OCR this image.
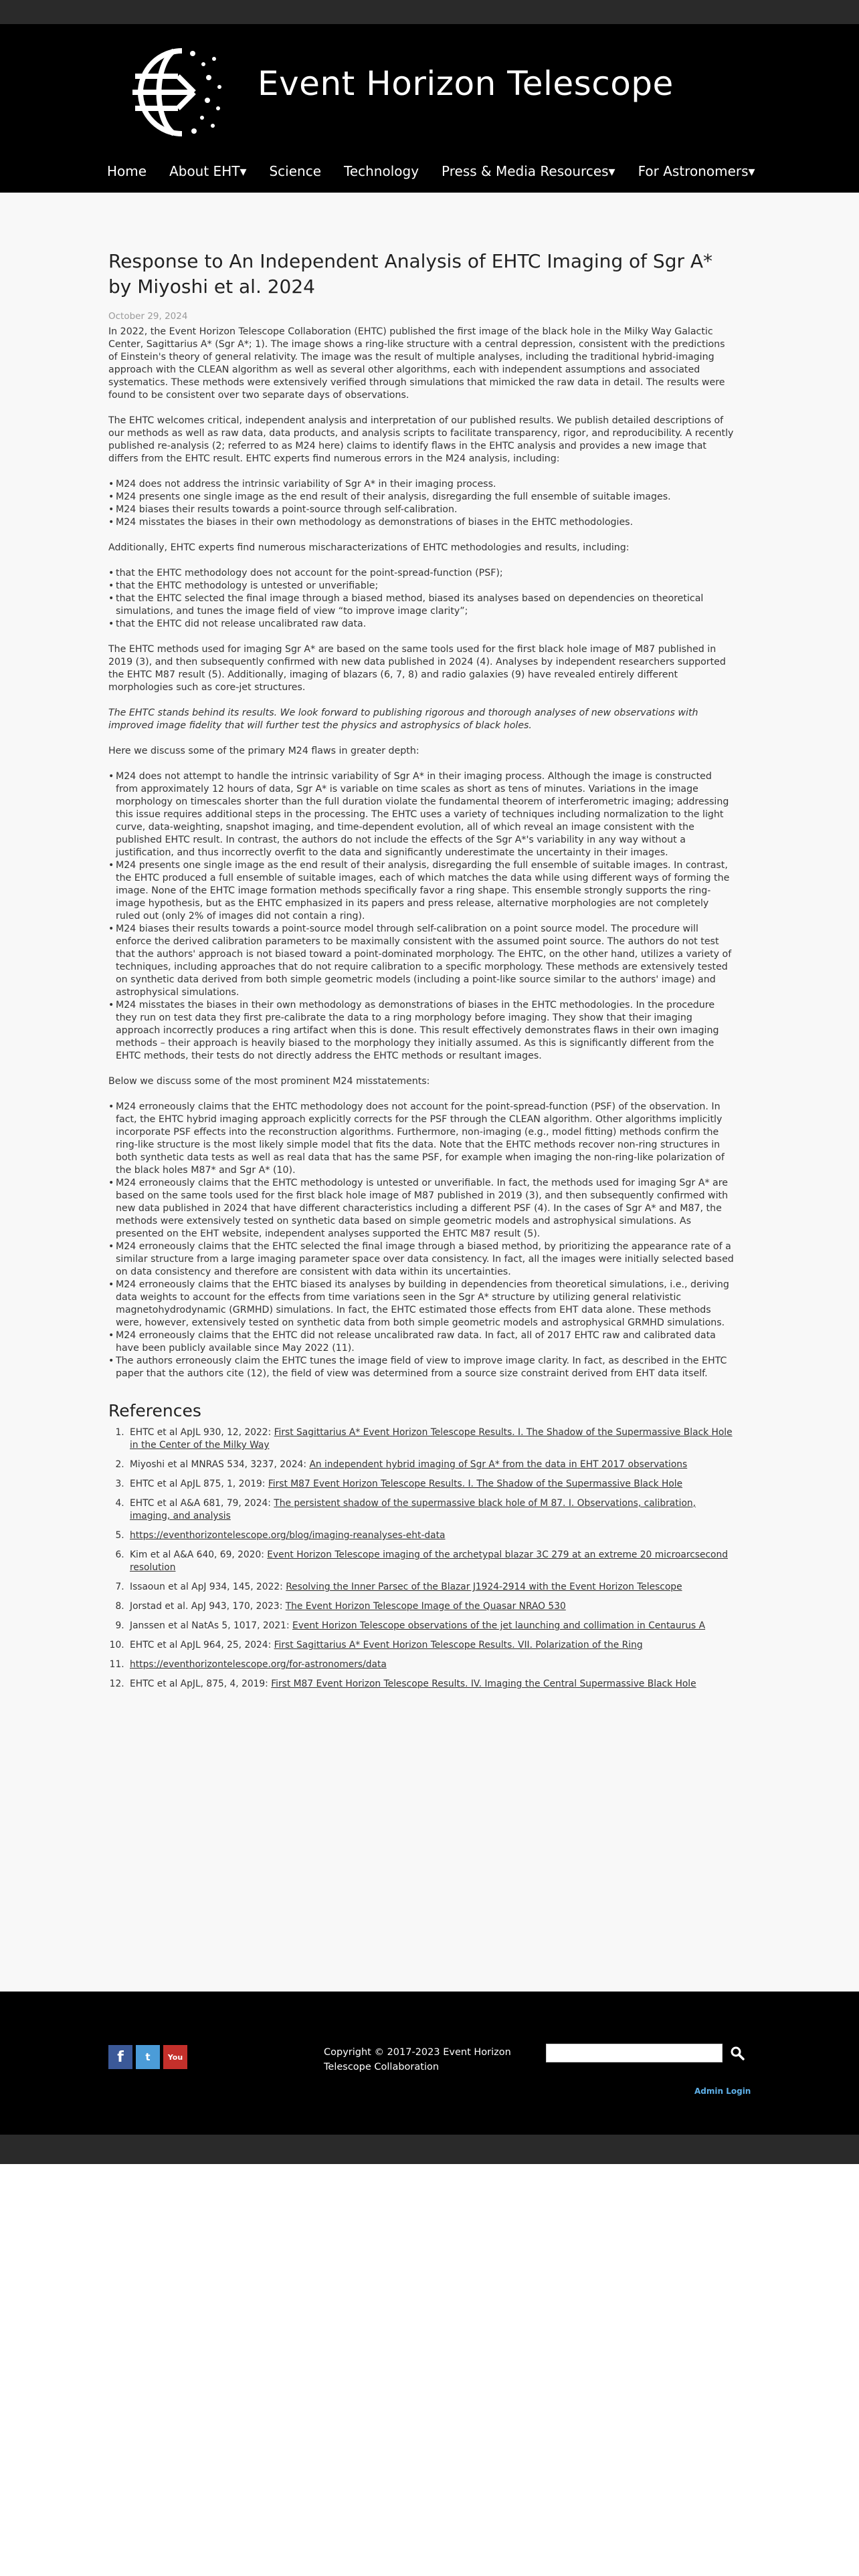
Event Horizon Telescope
Home About EHT▾ Science Technology Press & Media Resources▾ For Astronomers▾
Response to An Independent Analysis of EHTC Imaging of Sgr A* by Miyoshi et al. 2024
October 29, 2024

In 2022, the Event Horizon Telescope Collaboration (EHTC) published the first image of the black hole in the Milky Way Galactic Center, Sagittarius A* (Sgr A*; 1). The image shows a ring-like structure with a central depression, consistent with the predictions of Einstein's theory of general relativity. The image was the result of multiple analyses, including the traditional hybrid-imaging approach with the CLEAN algorithm as well as several other algorithms, each with independent assumptions and associated systematics. These methods were extensively verified through simulations that mimicked the raw data in detail. The results were found to be consistent over two separate days of observations.

The EHTC welcomes critical, independent analysis and interpretation of our published results. We publish detailed descriptions of our methods as well as raw data, data products, and analysis scripts to facilitate transparency, rigor, and reproducibility. A recently published re-analysis (2; referred to as M24 here) claims to identify flaws in the EHTC analysis and provides a new image that differs from the EHTC result. EHTC experts find numerous errors in the M24 analysis, including:

• M24 does not address the intrinsic variability of Sgr A* in their imaging process.
• M24 presents one single image as the end result of their analysis, disregarding the full ensemble of suitable images.
• M24 biases their results towards a point-source through self-calibration.
• M24 misstates the biases in their own methodology as demonstrations of biases in the EHTC methodologies.

Additionally, EHTC experts find numerous mischaracterizations of EHTC methodologies and results, including:

• that the EHTC methodology does not account for the point-spread-function (PSF);
• that the EHTC methodology is untested or unverifiable;
• that the EHTC selected the final image through a biased method, biased its analyses based on dependencies on theoretical simulations, and tunes the image field of view “to improve image clarity”;
• that the EHTC did not release uncalibrated raw data.

The EHTC methods used for imaging Sgr A* are based on the same tools used for the first black hole image of M87 published in 2019 (3), and then subsequently confirmed with new data published in 2024 (4). Analyses by independent researchers supported the EHTC M87 result (5). Additionally, imaging of blazars (6, 7, 8) and radio galaxies (9) have revealed entirely different morphologies such as core-jet structures.

The EHTC stands behind its results. We look forward to publishing rigorous and thorough analyses of new observations with improved image fidelity that will further test the physics and astrophysics of black holes.

Here we discuss some of the primary M24 flaws in greater depth:

• M24 does not attempt to handle the intrinsic variability of Sgr A* in their imaging process. Although the image is constructed from approximately 12 hours of data, Sgr A* is variable on time scales as short as tens of minutes. Variations in the image morphology on timescales shorter than the full duration violate the fundamental theorem of interferometric imaging; addressing this issue requires additional steps in the processing. The EHTC uses a variety of techniques including normalization to the light curve, data-weighting, snapshot imaging, and time-dependent evolution, all of which reveal an image consistent with the published EHTC result. In contrast, the authors do not include the effects of the Sgr A*'s variability in any way without a justification, and thus incorrectly overfit to the data and significantly underestimate the uncertainty in their images.
• M24 presents one single image as the end result of their analysis, disregarding the full ensemble of suitable images. In contrast, the EHTC produced a full ensemble of suitable images, each of which matches the data while using different ways of forming the image. None of the EHTC image formation methods specifically favor a ring shape. This ensemble strongly supports the ring-image hypothesis, but as the EHTC emphasized in its papers and press release, alternative morphologies are not completely ruled out (only 2% of images did not contain a ring).
• M24 biases their results towards a point-source model through self-calibration on a point source model. The procedure will enforce the derived calibration parameters to be maximally consistent with the assumed point source. The authors do not test that the authors' approach is not biased toward a point-dominated morphology. The EHTC, on the other hand, utilizes a variety of techniques, including approaches that do not require calibration to a specific morphology. These methods are extensively tested on synthetic data derived from both simple geometric models (including a point-like source similar to the authors' image) and astrophysical simulations.
• M24 misstates the biases in their own methodology as demonstrations of biases in the EHTC methodologies. In the procedure they run on test data they first pre-calibrate the data to a ring morphology before imaging. They show that their imaging approach incorrectly produces a ring artifact when this is done. This result effectively demonstrates flaws in their own imaging methods – their approach is heavily biased to the morphology they initially assumed. As this is significantly different from the EHTC methods, their tests do not directly address the EHTC methods or resultant images.

Below we discuss some of the most prominent M24 misstatements:

• M24 erroneously claims that the EHTC methodology does not account for the point-spread-function (PSF) of the observation. In fact, the EHTC hybrid imaging approach explicitly corrects for the PSF through the CLEAN algorithm. Other algorithms implicitly incorporate PSF effects into the reconstruction algorithms. Furthermore, non-imaging (e.g., model fitting) methods confirm the ring-like structure is the most likely simple model that fits the data. Note that the EHTC methods recover non-ring structures in both synthetic data tests as well as real data that has the same PSF, for example when imaging the non-ring-like polarization of the black holes M87* and Sgr A* (10).
• M24 erroneously claims that the EHTC methodology is untested or unverifiable. In fact, the methods used for imaging Sgr A* are based on the same tools used for the first black hole image of M87 published in 2019 (3), and then subsequently confirmed with new data published in 2024 that have different characteristics including a different PSF (4). In the cases of Sgr A* and M87, the methods were extensively tested on synthetic data based on simple geometric models and astrophysical simulations. As presented on the EHT website, independent analyses supported the EHTC M87 result (5).
• M24 erroneously claims that the EHTC selected the final image through a biased method, by prioritizing the appearance rate of a similar structure from a large imaging parameter space over data consistency. In fact, all the images were initially selected based on data consistency and therefore are consistent with data within its uncertainties.
• M24 erroneously claims that the EHTC biased its analyses by building in dependencies from theoretical simulations, i.e., deriving data weights to account for the effects from time variations seen in the Sgr A* structure by utilizing general relativistic magnetohydrodynamic (GRMHD) simulations. In fact, the EHTC estimated those effects from EHT data alone. These methods were, however, extensively tested on synthetic data from both simple geometric models and astrophysical GRMHD simulations.
• M24 erroneously claims that the EHTC did not release uncalibrated raw data. In fact, all of 2017 EHTC raw and calibrated data have been publicly available since May 2022 (11).
• The authors erroneously claim the EHTC tunes the image field of view to improve image clarity. In fact, as described in the EHTC paper that the authors cite (12), the field of view was determined from a source size constraint derived from EHT data itself.
References
1. EHTC et al ApJL 930, 12, 2022: First Sagittarius A* Event Horizon Telescope Results. I. The Shadow of the Supermassive Black Hole in the Center of the Milky Way
2. Miyoshi et al MNRAS 534, 3237, 2024: An independent hybrid imaging of Sgr A* from the data in EHT 2017 observations
3. EHTC et al ApJL 875, 1, 2019: First M87 Event Horizon Telescope Results. I. The Shadow of the Supermassive Black Hole
4. EHTC et al A&A 681, 79, 2024: The persistent shadow of the supermassive black hole of M 87. I. Observations, calibration, imaging, and analysis
5. https://eventhorizontelescope.org/blog/imaging-reanalyses-eht-data
6. Kim et al A&A 640, 69, 2020: Event Horizon Telescope imaging of the archetypal blazar 3C 279 at an extreme 20 microarcsecond resolution
7. Issaoun et al ApJ 934, 145, 2022: Resolving the Inner Parsec of the Blazar J1924-2914 with the Event Horizon Telescope
8. Jorstad et al. ApJ 943, 170, 2023: The Event Horizon Telescope Image of the Quasar NRAO 530
9. Janssen et al NatAs 5, 1017, 2021: Event Horizon Telescope observations of the jet launching and collimation in Centaurus A
10. EHTC et al ApJL 964, 25, 2024: First Sagittarius A* Event Horizon Telescope Results. VII. Polarization of the Ring
11. https://eventhorizontelescope.org/for-astronomers/data
12. EHTC et al ApJL, 875, 4, 2019: First M87 Event Horizon Telescope Results. IV. Imaging the Central Supermassive Black Hole
f	t	You	Copyright © 2017-2023 Event Horizon Telescope Collaboration
Admin Login
